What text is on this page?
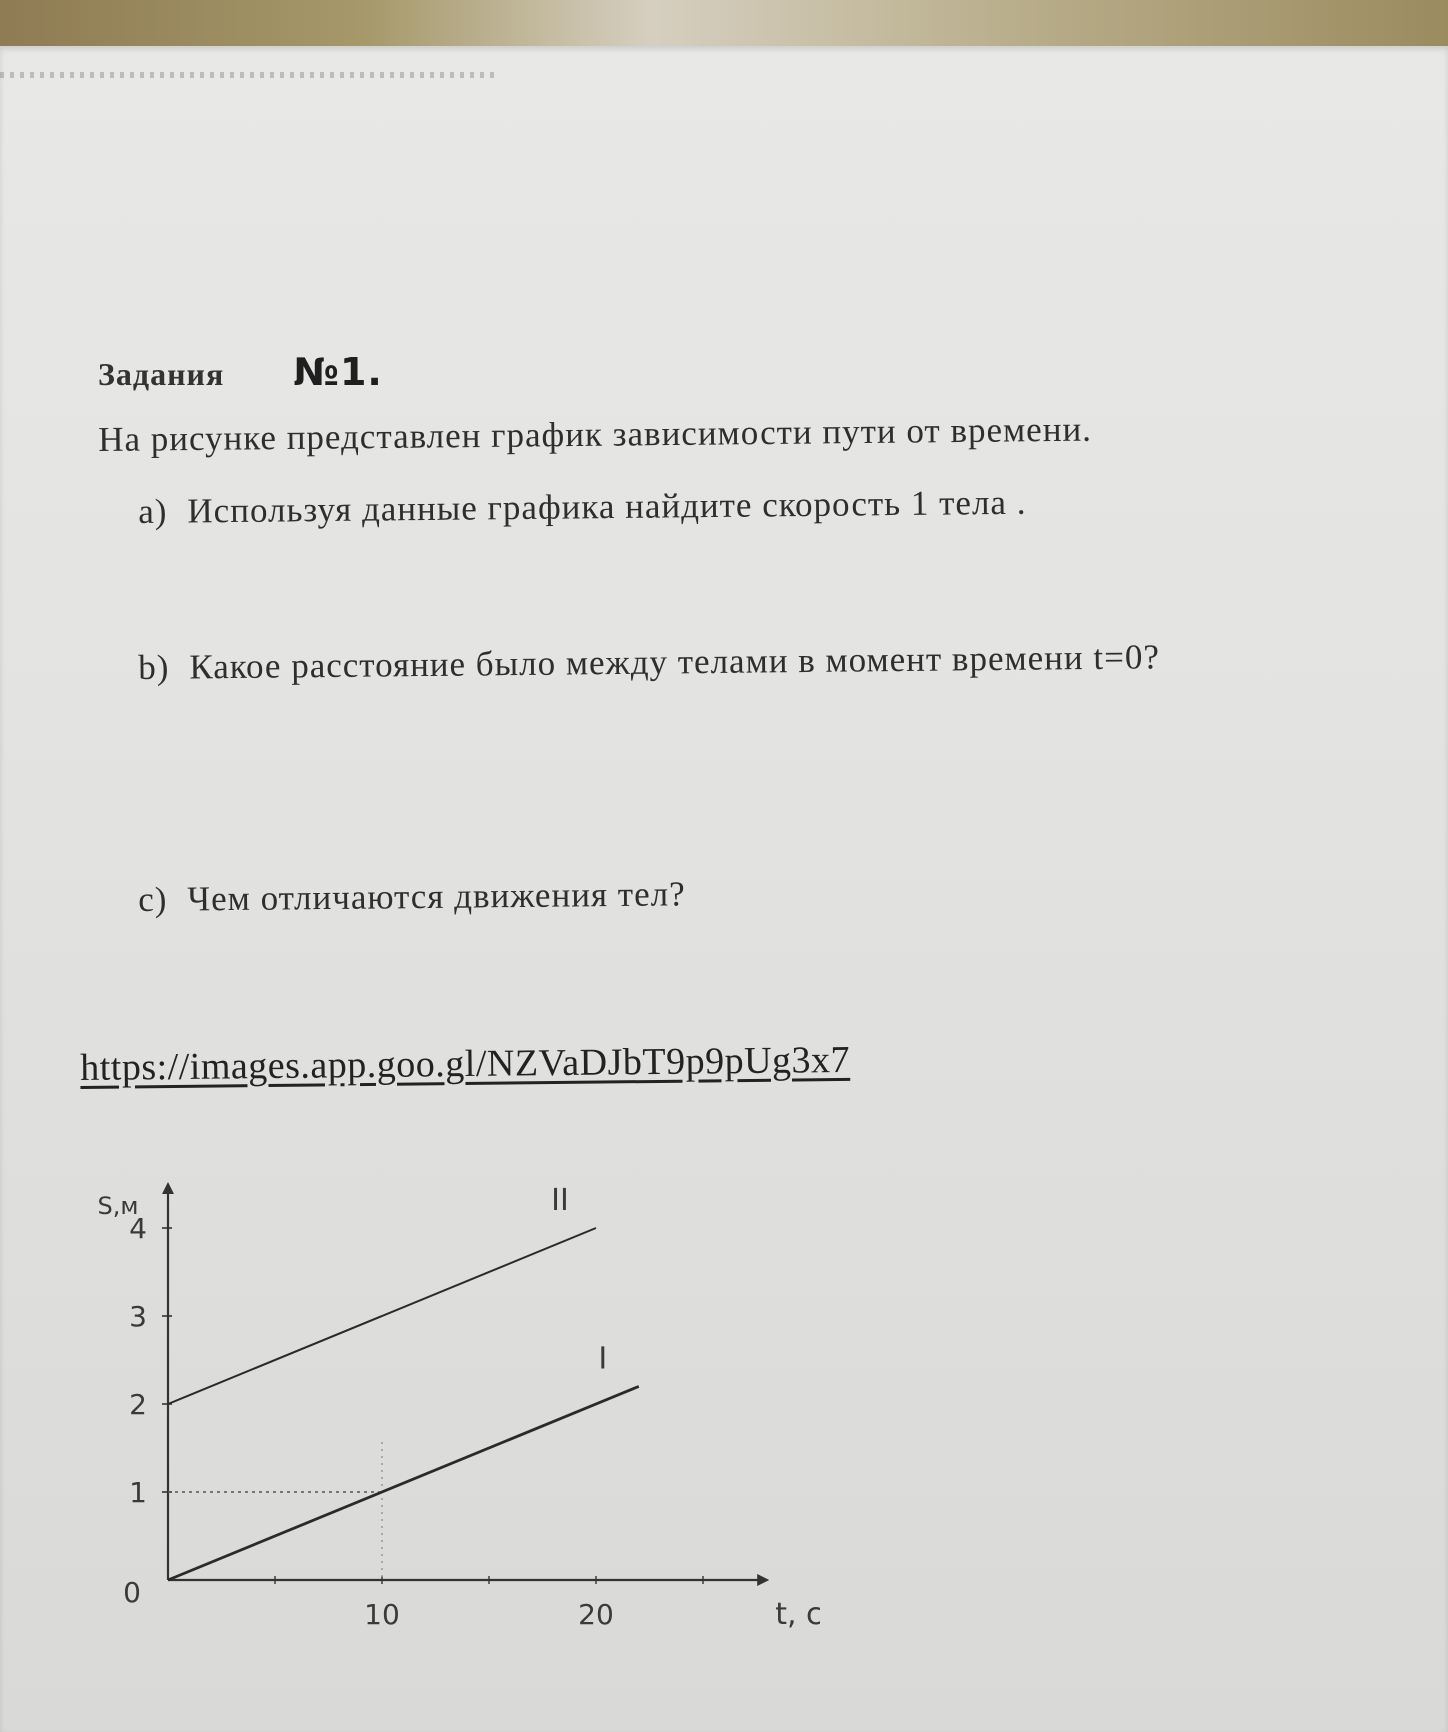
Задания №1.
На рисунке представлен график зависимости пути от времени.
a) Используя данные графика найдите скорость 1 тела .
b) Какое расстояние было между телами в момент времени t=0?
c) Чем отличаются движения тел?
https://images.app.goo.gl/NZVaDJbT9p9pUg3x7
1
2
3
4
10	20
0
S,м
t, с
I
II
